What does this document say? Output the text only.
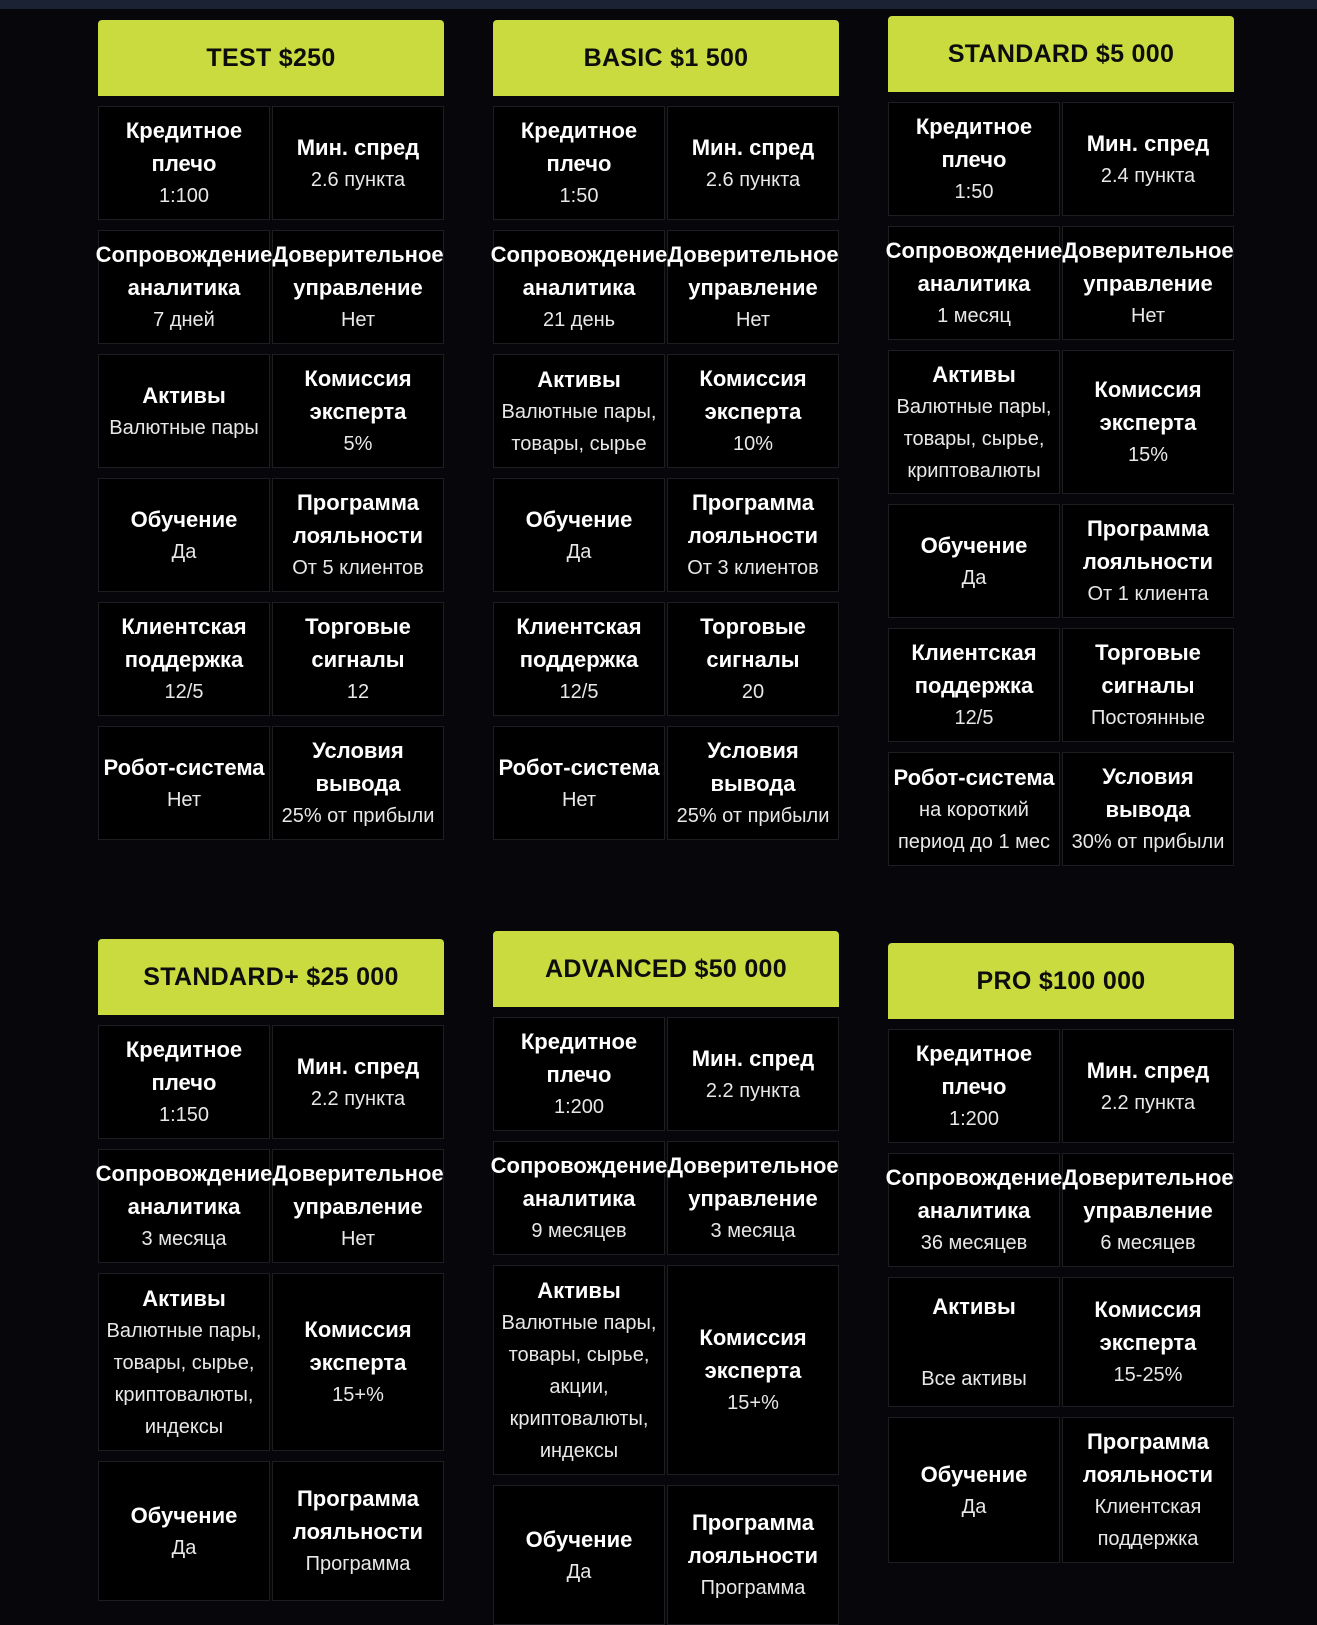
TEST $250
Кредитное
плечо
1:100
Мин. спред
2.6 пункта
Сопровождение
аналитика
7 дней
Доверительное
управление
Нет
Активы
Валютные пары
Комиссия
эксперта
5%
Обучение
Да
Программа
лояльности
От 5 клиентов
Клиентская
поддержка
12/5
Торговые
сигналы
12
Робот-система
Нет
Условия
вывода
25% от прибыли
BASIC $1 500
Кредитное
плечо
1:50
Мин. спред
2.6 пункта
Сопровождение
аналитика
21 день
Доверительное
управление
Нет
Активы
Валютные пары,
товары, сырье
Комиссия
эксперта
10%
Обучение
Да
Программа
лояльности
От 3 клиентов
Клиентская
поддержка
12/5
Торговые
сигналы
20
Робот-система
Нет
Условия
вывода
25% от прибыли
STANDARD $5 000
Кредитное
плечо
1:50
Мин. спред
2.4 пункта
Сопровождение
аналитика
1 месяц
Доверительное
управление
Нет
Активы
Валютные пары,
товары, сырье,
криптовалюты
Комиссия
эксперта
15%
Обучение
Да
Программа
лояльности
От 1 клиента
Клиентская
поддержка
12/5
Торговые
сигналы
Постоянные
Робот-система
на короткий
период до 1 мес
Условия
вывода
30% от прибыли
STANDARD+ $25 000
Кредитное
плечо
1:150
Мин. спред
2.2 пункта
Сопровождение
аналитика
3 месяца
Доверительное
управление
Нет
Активы
Валютные пары,
товары, сырье,
криптовалюты,
индексы
Комиссия
эксперта
15+%
Обучение
Да
Программа
лояльности
Программа
ADVANCED $50 000
Кредитное
плечо
1:200
Мин. спред
2.2 пункта
Сопровождение
аналитика
9 месяцев
Доверительное
управление
3 месяца
Активы
Валютные пары,
товары, сырье,
акции,
криптовалюты,
индексы
Комиссия
эксперта
15+%
Обучение
Да
Программа
лояльности
Программа
PRO $100 000
Кредитное
плечо
1:200
Мин. спред
2.2 пункта
Сопровождение
аналитика
36 месяцев
Доверительное
управление
6 месяцев
Активы
Все активы
Комиссия
эксперта
15-25%
Обучение
Да
Программа
лояльности
Клиентская
поддержка
